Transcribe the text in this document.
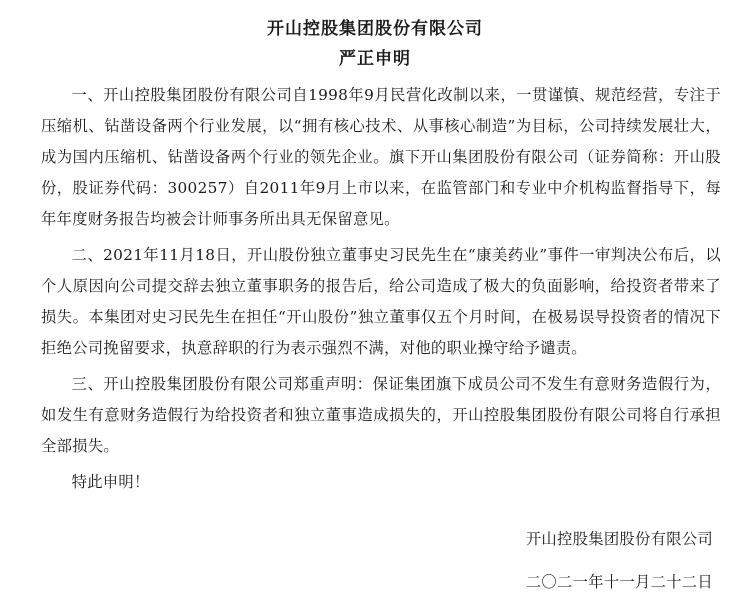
开山控股集团股份有限公司
严正申明

一、开山控股集团股份有限公司自1998年9月民营化改制以来，一贯谨慎、规范经营，专注于压缩机、钻凿设备两个行业发展，以“拥有核心技术、从事核心制造”为目标，公司持续发展壮大，成为国内压缩机、钻凿设备两个行业的领先企业。旗下开山集团股份有限公司（证券简称：开山股份，股证券代码：300257）自2011年9月上市以来，在监管部门和专业中介机构监督指导下，每年年度财务报告均被会计师事务所出具无保留意见。

二、2021年11月18日，开山股份独立董事史习民先生在“康美药业”事件一审判决公布后，以个人原因向公司提交辞去独立董事职务的报告后，给公司造成了极大的负面影响，给投资者带来了损失。本集团对史习民先生在担任“开山股份”独立董事仅五个月时间，在极易误导投资者的情况下拒绝公司挽留要求，执意辞职的行为表示强烈不满，对他的职业操守给予谴责。

三、开山控股集团股份有限公司郑重声明：保证集团旗下成员公司不发生有意财务造假行为，如发生有意财务造假行为给投资者和独立董事造成损失的，开山控股集团股份有限公司将自行承担全部损失。

特此申明！

开山控股集团股份有限公司

二〇二一年十一月二十二日
